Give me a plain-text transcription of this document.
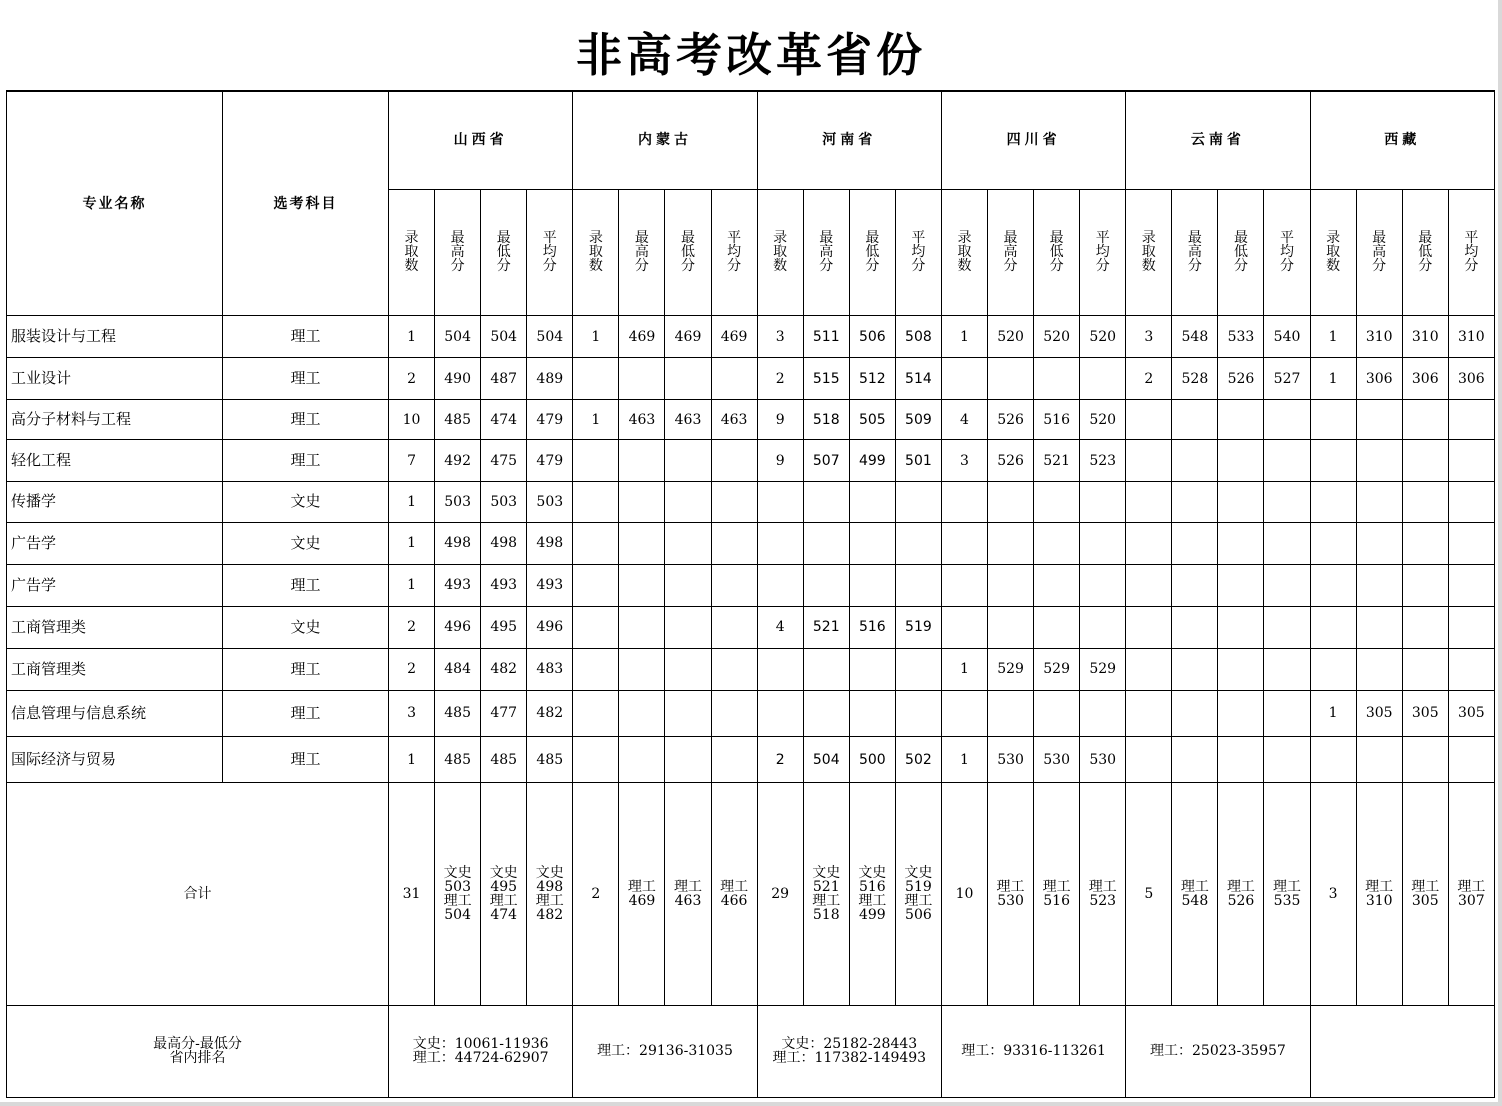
非高考改革省份
专业名称	选考科目	山西省				内蒙古				河南省				四川省				云南省				西藏			
		录
取
数	最
高
分	最
低
分	平
均
分	录
取
数	最
高
分	最
低
分	平
均
分	录
取
数	最
高
分	最
低
分	平
均
分	录
取
数	最
高
分	最
低
分	平
均
分	录
取
数	最
高
分	最
低
分	平
均
分	录
取
数	最
高
分	最
低
分	平
均
分
服装设计与工程	理工	1	504	504	504	1	469	469	469	3	511	506	508	1	520	520	520	3	548	533	540	1	310	310	310
工业设计	理工	2	490	487	489					2	515	512	514					2	528	526	527	1	306	306	306
高分子材料与工程	理工	10	485	474	479	1	463	463	463	9	518	505	509	4	526	516	520								
轻化工程	理工	7	492	475	479					9	507	499	501	3	526	521	523								
传播学	文史	1	503	503	503																				
广告学	文史	1	498	498	498																				
广告学	理工	1	493	493	493																				
工商管理类	文史	2	496	495	496					4	521	516	519												
工商管理类	理工	2	484	482	483									1	529	529	529								
信息管理与信息系统	理工	3	485	477	482																	1	305	305	305
国际经济与贸易	理工	1	485	485	485					2	504	500	502	1	530	530	530								
合计		31	文史
503
理工
504	文史
495
理工
474	文史
498
理工
482	2	理工
469	理工
463	理工
466	29	文史
521
理工
518	文史
516
理工
499	文史
519
理工
506	10	理工
530	理工
516	理工
523	5	理工
548	理工
526	理工
535	3	理工
310	理工
305	理工
307
最高分-最低分
省内排名		文史：10061-11936
理工：44724-62907				理工：29136-31035				文史：25182-28443
理工：117382-149493				理工：93316-113261				理工：25023-35957							
